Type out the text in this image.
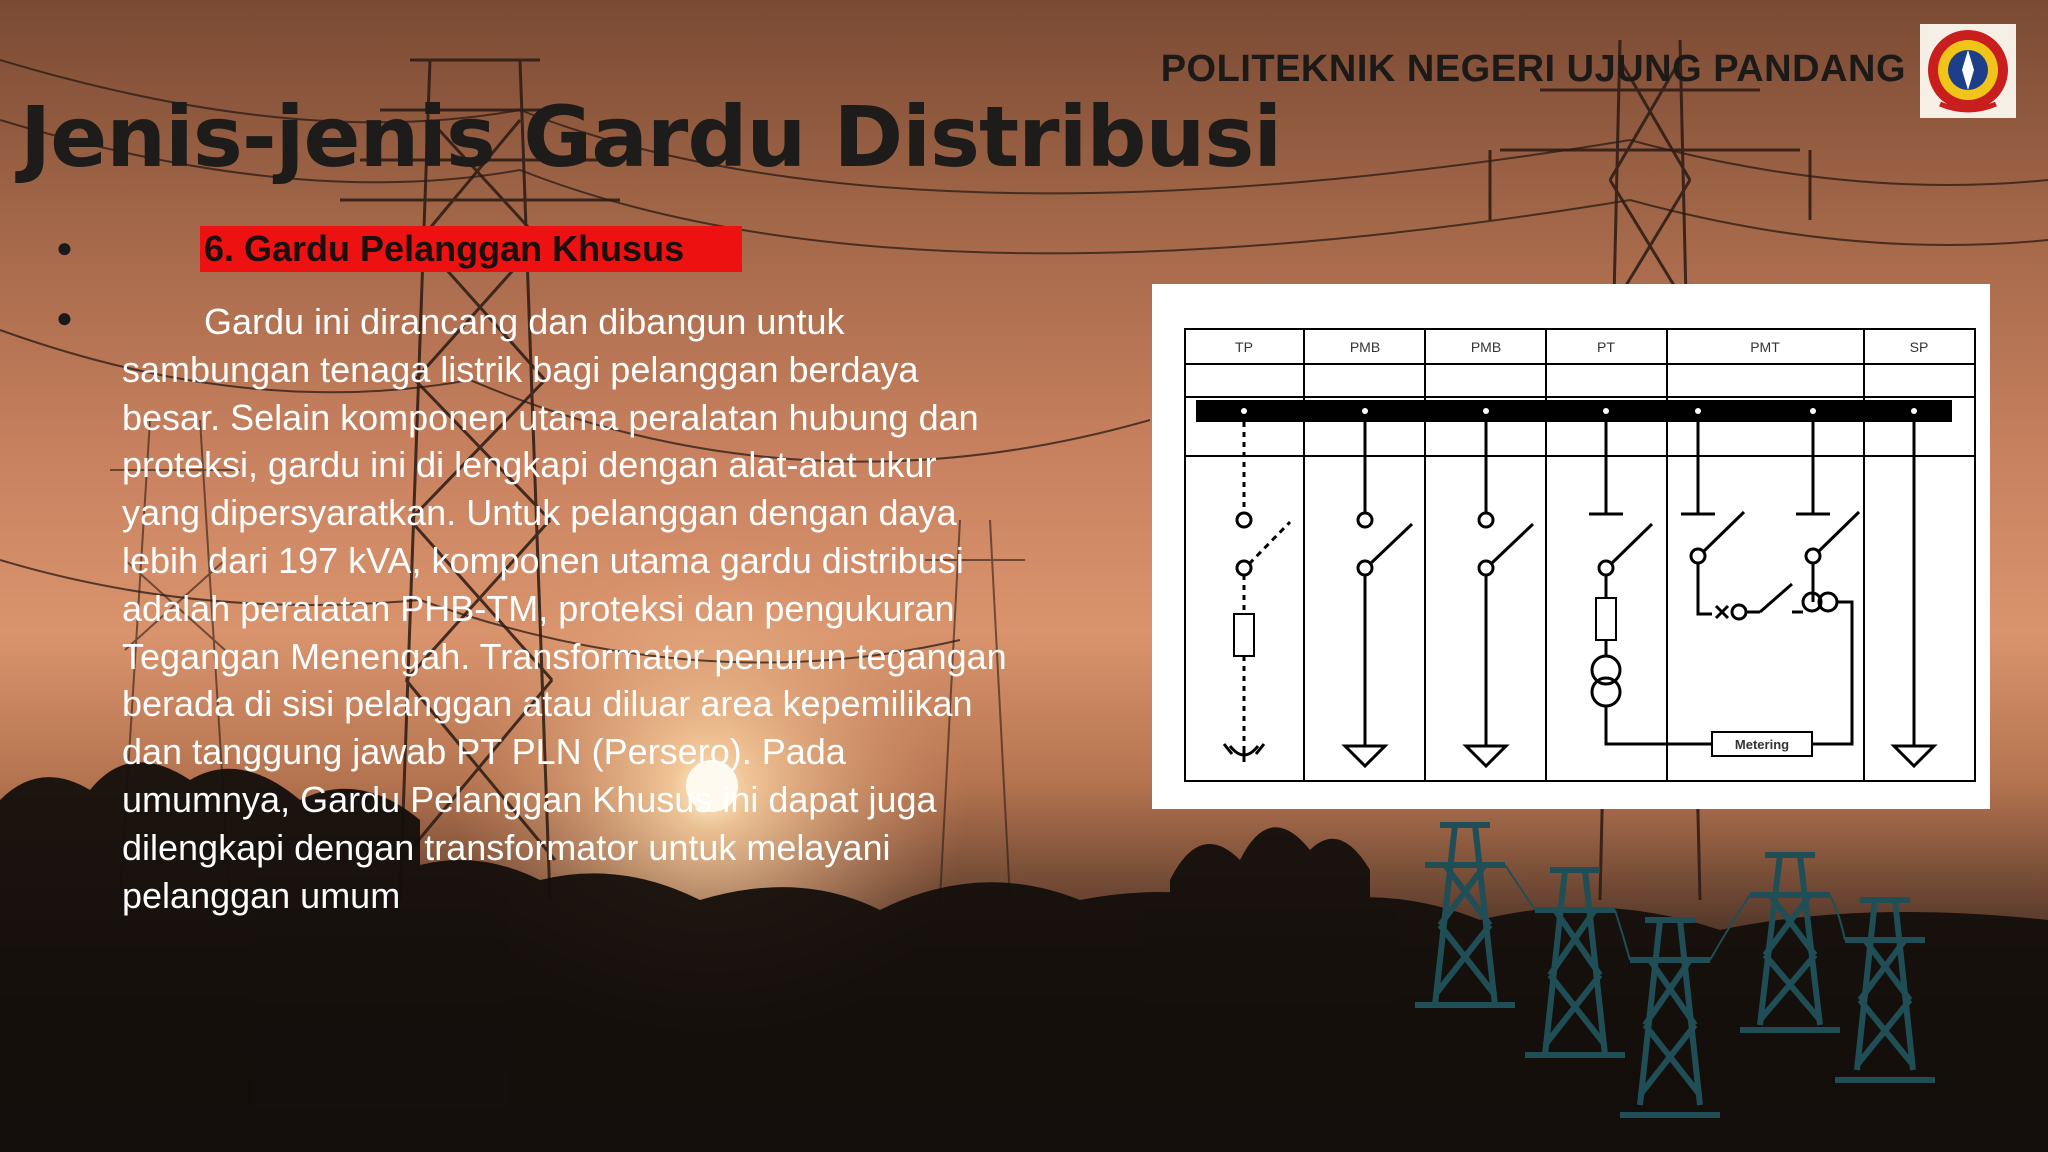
POLITEKNIK NEGERI UJUNG PANDANG
Jenis-jenis Gardu Distribusi
●	6. Gardu Pelanggan Khusus
●	Gardu ini dirancang dan dibangun untuk
sambungan tenaga listrik bagi pelanggan berdaya
besar. Selain komponen utama peralatan hubung dan
proteksi, gardu ini di lengkapi dengan alat-alat ukur
yang dipersyaratkan. Untuk pelanggan dengan daya
lebih dari 197 kVA, komponen utama gardu distribusi
adalah peralatan PHB-TM, proteksi dan pengukuran
Tegangan Menengah. Transformator penurun tegangan
berada di sisi pelanggan atau diluar area kepemilikan
dan tanggung jawab PT PLN (Persero). Pada
umumnya, Gardu Pelanggan Khusus ini dapat juga
dilengkapi dengan transformator untuk melayani
pelanggan umum

TP	PMB	PMB	PT	PMT	SP
Metering
